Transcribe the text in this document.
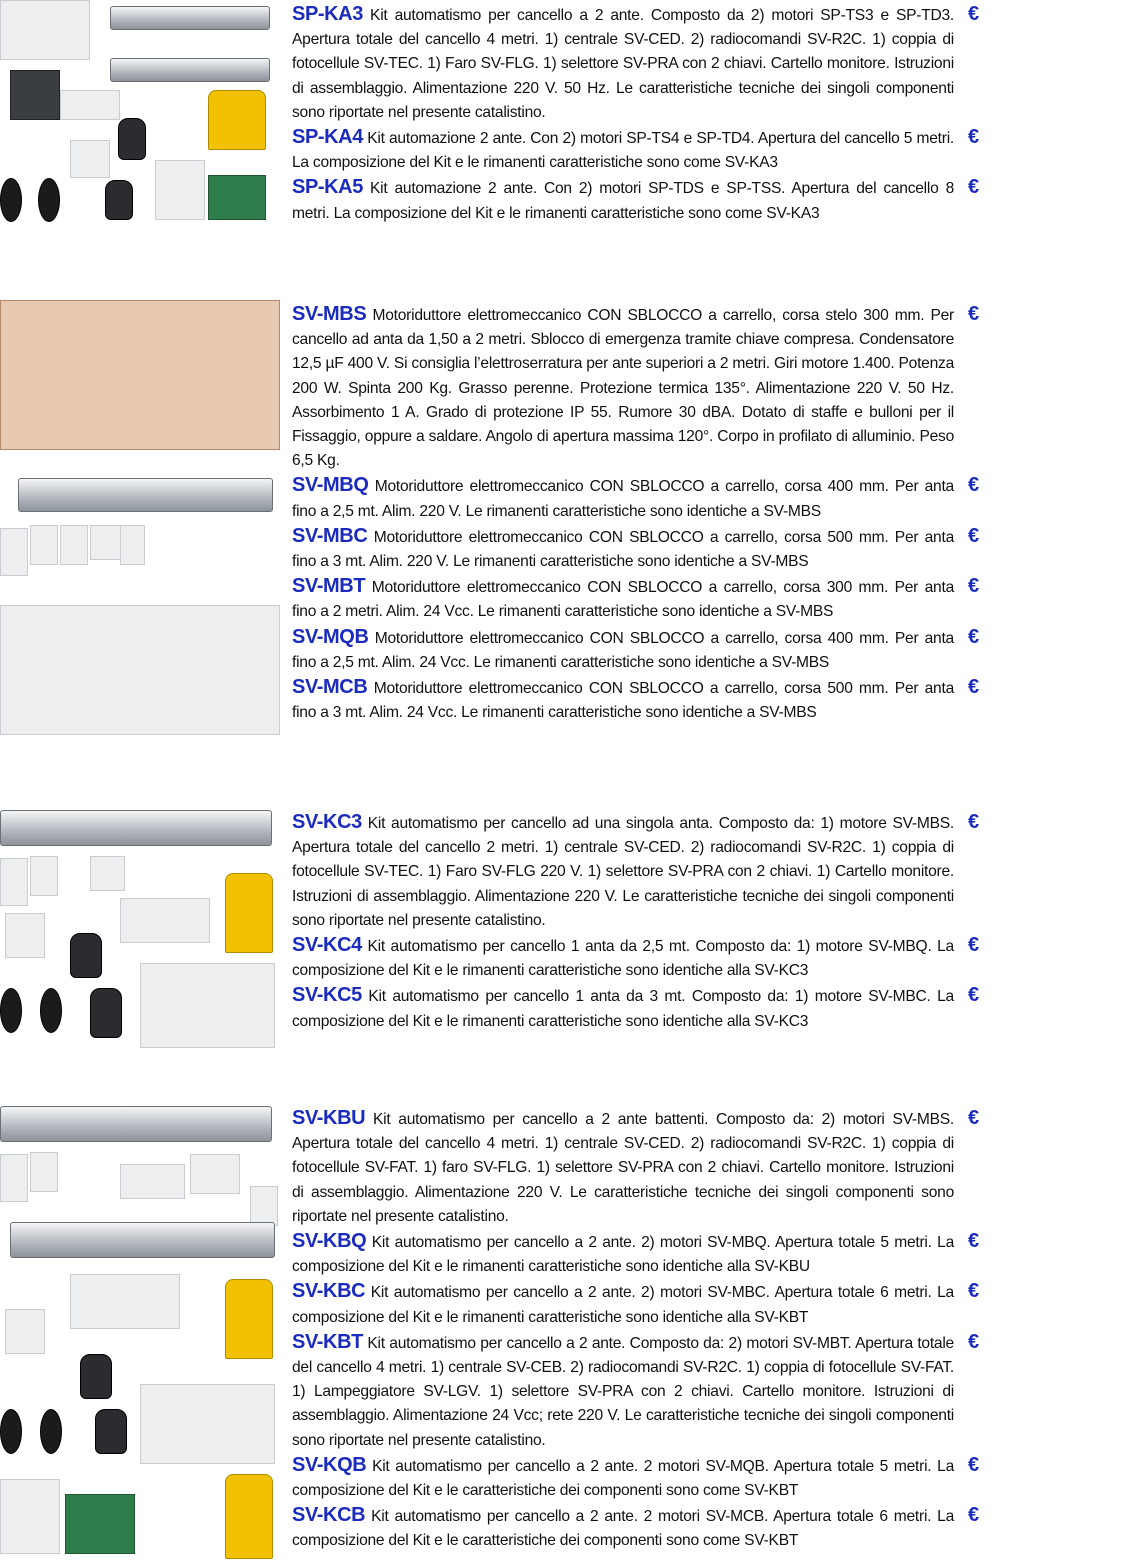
SP-KA3 Kit automatismo per cancello a 2 ante. Composto da 2) motori SP-TS3 e SP-TD3. Apertura totale del cancello 4 metri. 1) centrale SV-CED. 2) radiocomandi SV-R2C. 1) coppia di fotocellule SV-TEC. 1) Faro SV-FLG. 1) selettore SV-PRA con 2 chiavi. Cartello monitore. Istruzioni di assemblaggio. Alimentazione 220 V. 50 Hz. Le caratteristiche tecniche dei singoli componenti sono riportate nel presente catalistino.
€
SP-KA4 Kit automazione 2 ante. Con 2) motori SP-TS4 e SP-TD4. Apertura del cancello 5 metri. La composizione del Kit e le rimanenti caratteristiche sono come SV-KA3
€
SP-KA5 Kit automazione 2 ante. Con 2) motori SP-TDS e SP-TSS. Apertura del cancello 8 metri. La composizione del Kit e le rimanenti caratteristiche sono come SV-KA3
€
SV-MBS Motoriduttore elettromeccanico CON SBLOCCO a carrello, corsa stelo 300 mm. Per cancello ad anta da 1,50 a 2 metri. Sblocco di emergenza tramite chiave compresa. Condensatore 12,5 µF 400 V. Si consiglia l’elettroserratura per ante superiori a 2 metri. Giri motore 1.400. Potenza 200 W. Spinta 200 Kg. Grasso perenne. Protezione termica 135°. Alimentazione 220 V. 50 Hz. Assorbimento 1 A. Grado di protezione IP 55. Rumore 30 dBA. Dotato di staffe e bulloni per il Fissaggio, oppure a saldare. Angolo di apertura massima 120°. Corpo in profilato di alluminio. Peso 6,5 Kg.
€
SV-MBQ Motoriduttore elettromeccanico CON SBLOCCO a carrello, corsa 400 mm. Per anta fino a 2,5 mt. Alim. 220 V. Le rimanenti caratteristiche sono identiche a SV-MBS
€
SV-MBC Motoriduttore elettromeccanico CON SBLOCCO a carrello, corsa 500 mm. Per anta fino a 3 mt. Alim. 220 V. Le rimanenti caratteristiche sono identiche a SV-MBS
€
SV-MBT Motoriduttore elettromeccanico CON SBLOCCO a carrello, corsa 300 mm. Per anta fino a 2 metri. Alim. 24 Vcc. Le rimanenti caratteristiche sono identiche a SV-MBS
€
SV-MQB Motoriduttore elettromeccanico CON SBLOCCO a carrello, corsa 400 mm. Per anta fino a 2,5 mt. Alim. 24 Vcc. Le rimanenti caratteristiche sono identiche a SV-MBS
€
SV-MCB Motoriduttore elettromeccanico CON SBLOCCO a carrello, corsa 500 mm. Per anta fino a 3 mt. Alim. 24 Vcc. Le rimanenti caratteristiche sono identiche a SV-MBS
€
SV-KC3 Kit automatismo per cancello ad una singola anta. Composto da: 1) motore SV-MBS. Apertura totale del cancello 2 metri. 1) centrale SV-CED. 2) radiocomandi SV-R2C. 1) coppia di fotocellule SV-TEC. 1) Faro SV-FLG 220 V. 1) selettore SV-PRA con 2 chiavi. 1) Cartello monitore. Istruzioni di assemblaggio. Alimentazione 220 V. Le caratteristiche tecniche dei singoli componenti sono riportate nel presente catalistino.
€
SV-KC4 Kit automatismo per cancello 1 anta da 2,5 mt. Composto da: 1) motore SV-MBQ. La composizione del Kit e le rimanenti caratteristiche sono identiche alla SV-KC3
€
SV-KC5 Kit automatismo per cancello 1 anta da 3 mt. Composto da: 1) motore SV-MBC. La composizione del Kit e le rimanenti caratteristiche sono identiche alla SV-KC3
€
SV-KBU Kit automatismo per cancello a 2 ante battenti. Composto da: 2) motori SV-MBS. Apertura totale del cancello 4 metri. 1) centrale SV-CED. 2) radiocomandi SV-R2C. 1) coppia di fotocellule SV-FAT. 1) faro SV-FLG. 1) selettore SV-PRA con 2 chiavi. Cartello monitore. Istruzioni di assemblaggio. Alimentazione 220 V. Le caratteristiche tecniche dei singoli componenti sono riportate nel presente catalistino.
€
SV-KBQ Kit automatismo per cancello a 2 ante. 2) motori SV-MBQ. Apertura totale 5 metri. La composizione del Kit e le rimanenti caratteristiche sono identiche alla SV-KBU
€
SV-KBC Kit automatismo per cancello a 2 ante. 2) motori SV-MBC. Apertura totale 6 metri. La composizione del Kit e le rimanenti caratteristiche sono identiche alla SV-KBT
€
SV-KBT Kit automatismo per cancello a 2 ante. Composto da: 2) motori SV-MBT. Apertura totale del cancello 4 metri. 1) centrale SV-CEB. 2) radiocomandi SV-R2C. 1) coppia di fotocellule SV-FAT. 1) Lampeggiatore SV-LGV. 1) selettore SV-PRA con 2 chiavi. Cartello monitore. Istruzioni di assemblaggio. Alimentazione 24 Vcc; rete 220 V. Le caratteristiche tecniche dei singoli componenti sono riportate nel presente catalistino.
€
SV-KQB Kit automatismo per cancello a 2 ante. 2 motori SV-MQB. Apertura totale 5 metri. La composizione del Kit e le caratteristiche dei componenti sono come SV-KBT
€
SV-KCB Kit automatismo per cancello a 2 ante. 2 motori SV-MCB. Apertura totale 6 metri. La composizione del Kit e le caratteristiche dei componenti sono come SV-KBT
€
